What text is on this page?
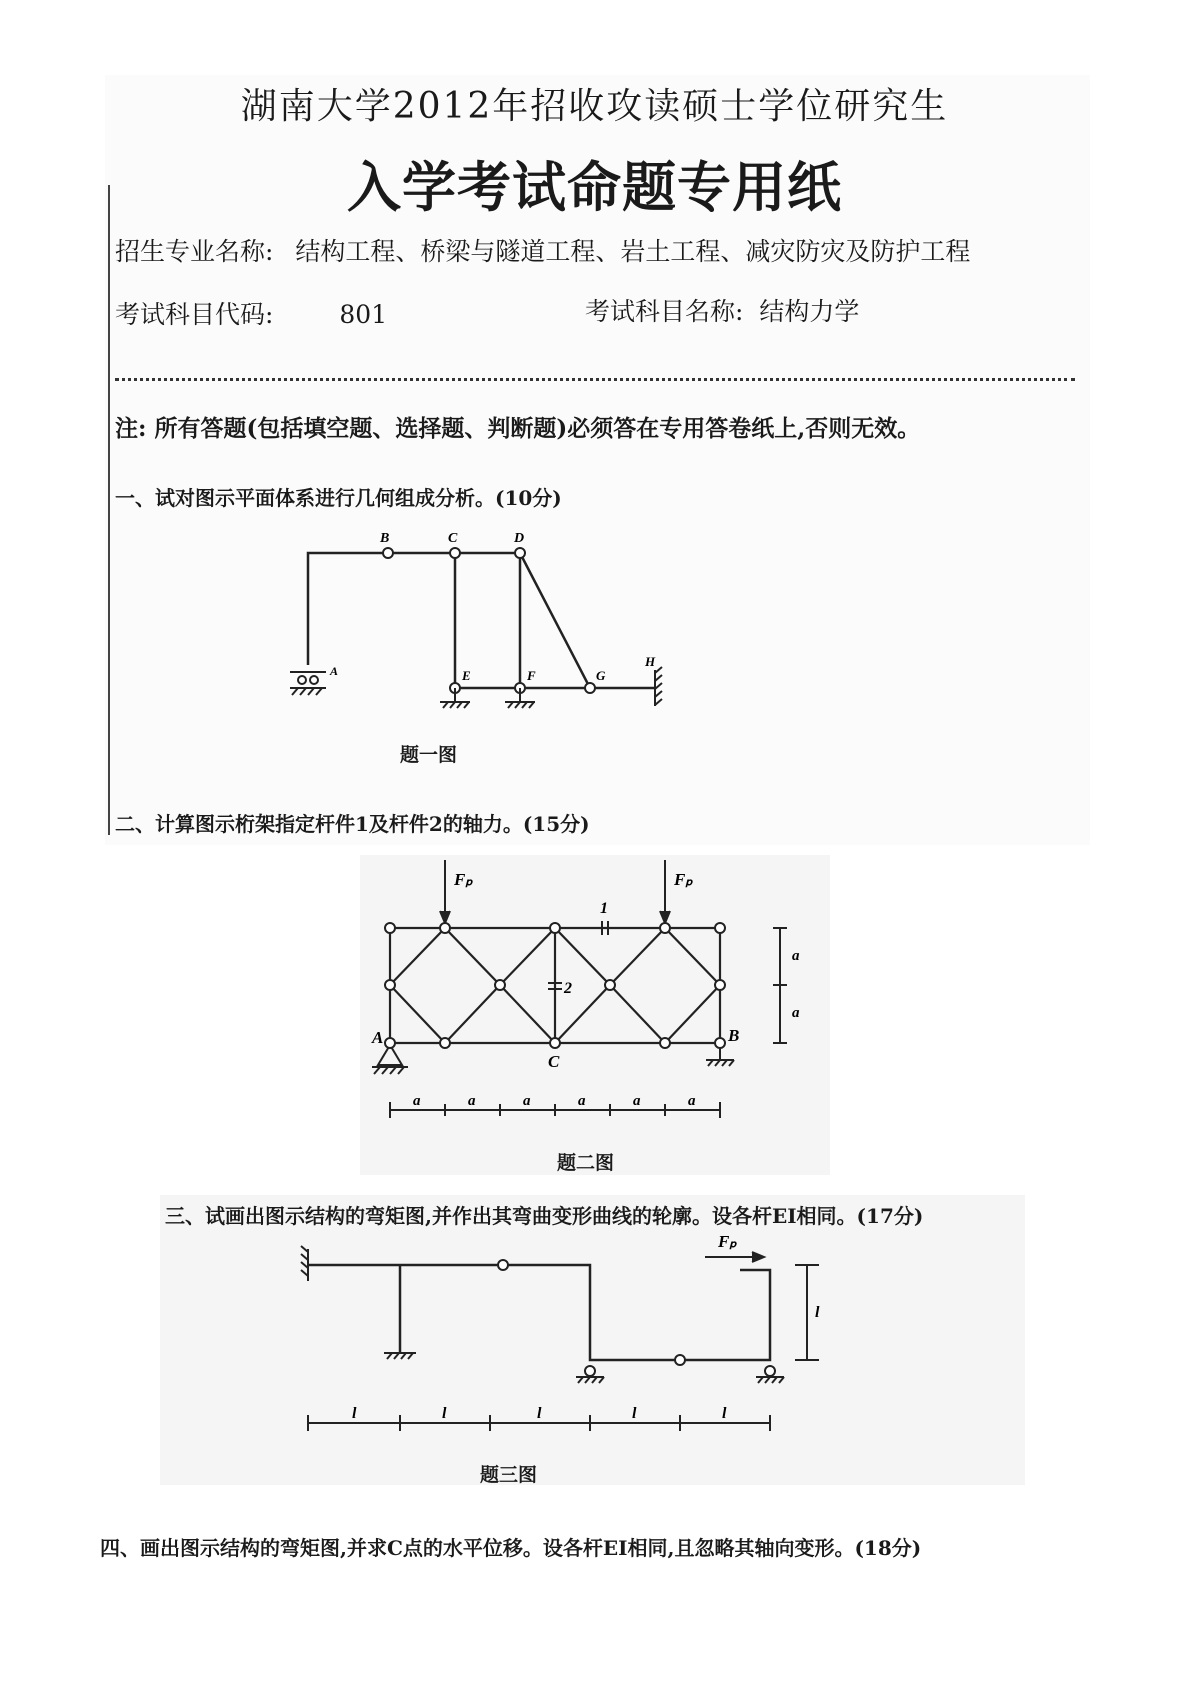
湖南大学2012年招收攻读硕士学位研究生
入学考试命题专用纸
招生专业名称: 结构工程、桥梁与隧道工程、岩土工程、减灾防灾及防护工程
考试科目代码:	801	考试科目名称: 结构力学
注: 所有答题(包括填空题、选择题、判断题)必须答在专用答卷纸上,否则无效。
一、试对图示平面体系进行几何组成分析。(10分)
B	C	D
E	F	G
H
A
题一图
二、计算图示桁架指定杆件1及杆件2的轴力。(15分)
Fₚ	Fₚ
1
2
A	B
C
a
a
a	a	a	a	a	a
题二图
三、试画出图示结构的弯矩图,并作出其弯曲变形曲线的轮廓。设各杆EI相同。(17分)
Fₚ
l
l	l	l	l	l
题三图
四、画出图示结构的弯矩图,并求C点的水平位移。设各杆EI相同,且忽略其轴向变形。(18分)
